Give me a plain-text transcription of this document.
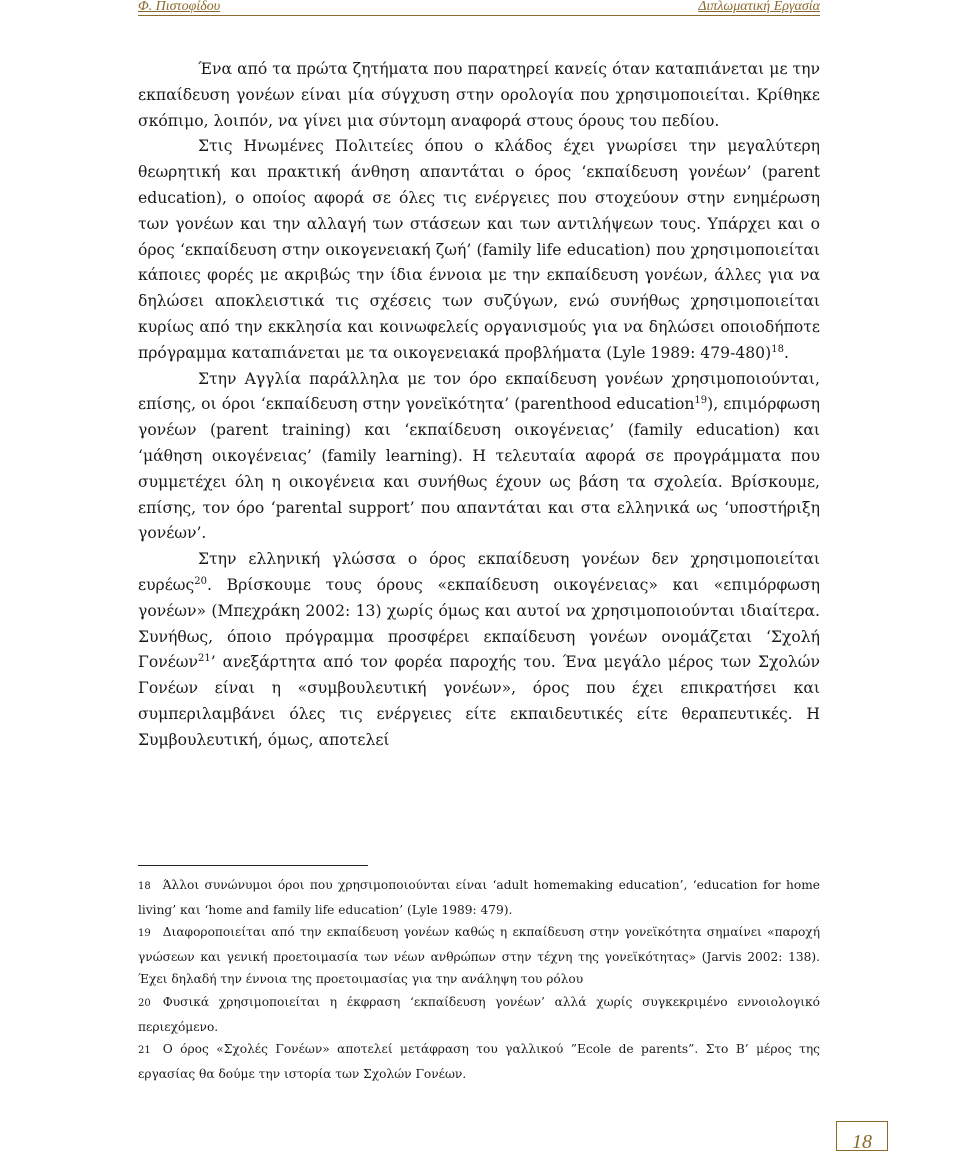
Φ. Πιστοφίδου	Διπλωματική Εργασία

Ένα από τα πρώτα ζητήματα που παρατηρεί κανείς όταν καταπιάνεται με την εκπαίδευση γονέων είναι μία σύγχυση στην ορολογία που χρησιμοποιείται. Κρίθηκε σκόπιμο, λοιπόν, να γίνει μια σύντομη αναφορά στους όρους του πεδίου.

Στις Ηνωμένες Πολιτείες όπου ο κλάδος έχει γνωρίσει την μεγαλύτερη θεωρητική και πρακτική άνθηση απαντάται ο όρος ‘εκπαίδευση γονέων’ (parent education), ο οποίος αφορά σε όλες τις ενέργειες που στοχεύουν στην ενημέρωση των γονέων και την αλλαγή των στάσεων και των αντιλήψεων τους. Υπάρχει και ο όρος ‘εκπαίδευση στην οικογενειακή ζωή’ (family life education) που χρησιμοποιείται κάποιες φορές με ακριβώς την ίδια έννοια με την εκπαίδευση γονέων, άλλες για να δηλώσει αποκλειστικά τις σχέσεις των συζύγων, ενώ συνήθως χρησιμοποιείται κυρίως από την εκκλησία και κοινωφελείς οργανισμούς για να δηλώσει οποιοδήποτε πρόγραμμα καταπιάνεται με τα οικογενειακά προβλήματα (Lyle 1989: 479-480)$^{18}$.

Στην Αγγλία παράλληλα με τον όρο εκπαίδευση γονέων χρησιμοποιούνται, επίσης, οι όροι ‘εκπαίδευση στην γονεϊκότητα’ (parenthood education$^{19}$), επιμόρφωση γονέων (parent training) και ‘εκπαίδευση οικογένειας’ (family education) και ‘μάθηση οικογένειας’ (family learning). Η τελευταία αφορά σε προγράμματα που συμμετέχει όλη η οικογένεια και συνήθως έχουν ως βάση τα σχολεία. Βρίσκουμε, επίσης, τον όρο ‘parental support’ που απαντάται και στα ελληνικά ως ‘υποστήριξη γονέων’.

Στην ελληνική γλώσσα ο όρος εκπαίδευση γονέων δεν χρησιμοποιείται ευρέως$^{20}$. Βρίσκουμε τους όρους «εκπαίδευση οικογένειας» και «επιμόρφωση γονέων» (Μπεχράκη 2002: 13) χωρίς όμως και αυτοί να χρησιμοποιούνται ιδιαίτερα. Συνήθως, όποιο πρόγραμμα προσφέρει εκπαίδευση γονέων ονομάζεται ‘Σχολή Γονέων$^{21}$’ ανεξάρτητα από τον φορέα παροχής του. Ένα μεγάλο μέρος των Σχολών Γονέων είναι η «συμβουλευτική γονέων», όρος που έχει επικρατήσει και συμπεριλαμβάνει όλες τις ενέργειες είτε εκπαιδευτικές είτε θεραπευτικές. Η Συμβουλευτική, όμως, αποτελεί

18 Άλλοι συνώνυμοι όροι που χρησιμοποιούνται είναι ‘adult homemaking education’, ‘education for home living’ και ‘home and family life education’ (Lyle 1989: 479).

19 Διαφοροποιείται από την εκπαίδευση γονέων καθώς η εκπαίδευση στην γονεϊκότητα σημαίνει «παροχή γνώσεων και γενική προετοιμασία των νέων ανθρώπων στην τέχνη της γονεϊκότητας» (Jarvis 2002: 138). Έχει δηλαδή την έννοια της προετοιμασίας για την ανάληψη του ρόλου

20 Φυσικά χρησιμοποιείται η έκφραση ‘εκπαίδευση γονέων’ αλλά χωρίς συγκεκριμένο εννοιολογικό περιεχόμενο.

21 Ο όρος «Σχολές Γονέων» αποτελεί μετάφραση του γαλλικού ”Ecole de parents”. Στο Β’ μέρος της εργασίας θα δούμε την ιστορία των Σχολών Γονέων.

18
